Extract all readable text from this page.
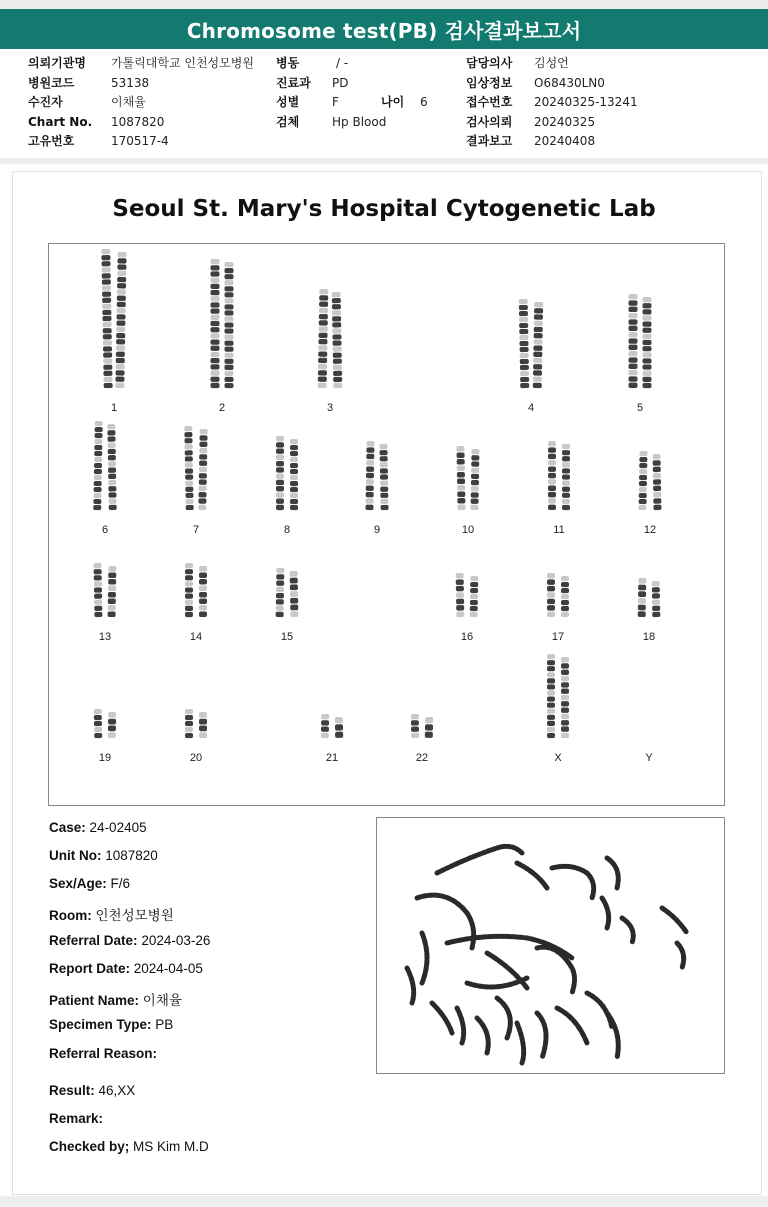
Chromosome test(PB) 검사결과보고서
의뢰기관명	가톨릭대학교 인천성모병원
병원코드	53138
수진자	이채율
Chart No.	1087820
고유번호	170517-4
병동	/ -
진료과	PD
성별	F	나이	6
검체	Hp Blood
담당의사	김성언
임상정보	O68430LN0
접수번호	20240325-13241
검사의뢰	20240325
결과보고	20240408
Seoul St. Mary's Hospital Cytogenetic Lab
1	2	3	4	5
6	7	8	9	10	11	12
13	14	15	16	17	18
19	20	21	22	X	Y
Case: 24-02405
Unit No: 1087820
Sex/Age: F/6
Room: 인천성모병원
Referral Date: 2024-03-26
Report Date: 2024-04-05
Patient Name: 이채율
Specimen Type: PB
Referral Reason:
Result: 46,XX
Remark:
Checked by; MS Kim M.D
